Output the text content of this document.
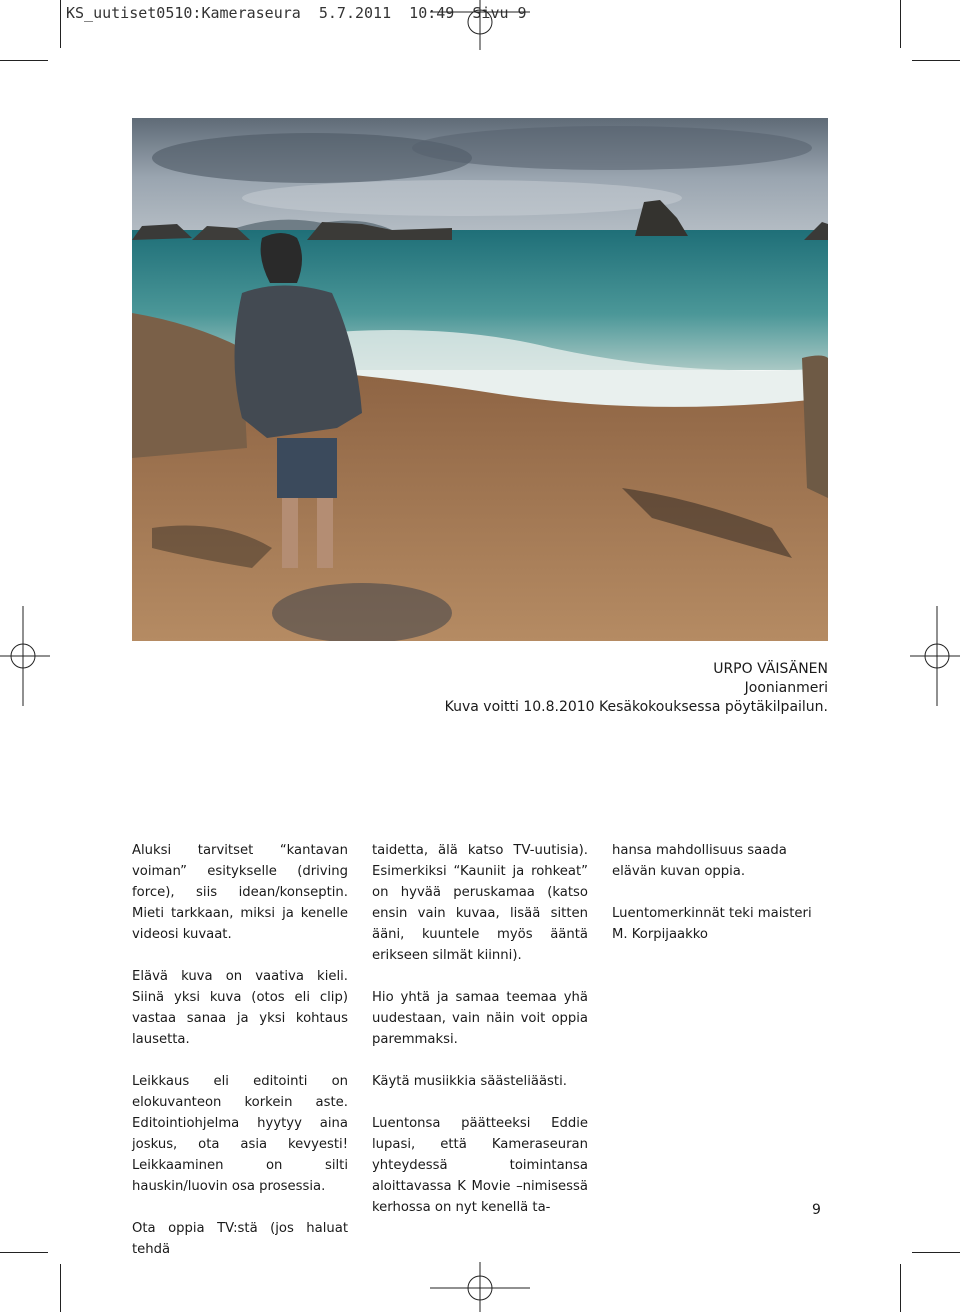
KS_uutiset0510:Kameraseura  5.7.2011  10:49  Sivu 9
URPO VÄISÄNEN
Joonianmeri
Kuva voitti 10.8.2010 Kesäkokouksessa pöytäkilpailun.

Aluksi tarvitset “kantavan voiman” esitykselle (driving force), siis idean/konseptin. Mieti tarkkaan, miksi ja kenelle videosi kuvaat.

Elävä kuva on vaativa kieli. Siinä yksi kuva (otos eli clip) vastaa sanaa ja yksi kohtaus lausetta.

Leikkaus eli editointi on elokuvanteon korkein aste. Editointiohjelma hyytyy aina joskus, ota asia kevyesti! Leikkaaminen on silti hauskin/luovin osa prosessia.

Ota oppia TV:stä (jos haluat tehdä

taidetta, älä katso TV-uutisia). Esimerkiksi “Kauniit ja rohkeat” on hyvää peruskamaa (katso ensin vain kuvaa, lisää sitten ääni, kuuntele myös ääntä erikseen silmät kiinni).

Hio yhtä ja samaa teemaa yhä uudestaan, vain näin voit oppia paremmaksi.

Käytä musiikkia säästeliäästi.

Luentonsa päätteeksi Eddie lupasi, että Kameraseuran yhteydessä toimintansa aloittavassa K Movie –nimisessä kerhossa on nyt kenellä ta-

hansa mahdollisuus saada elävän kuvan oppia.

Luentomerkinnät teki maisteri M. Korpijaakko

9
